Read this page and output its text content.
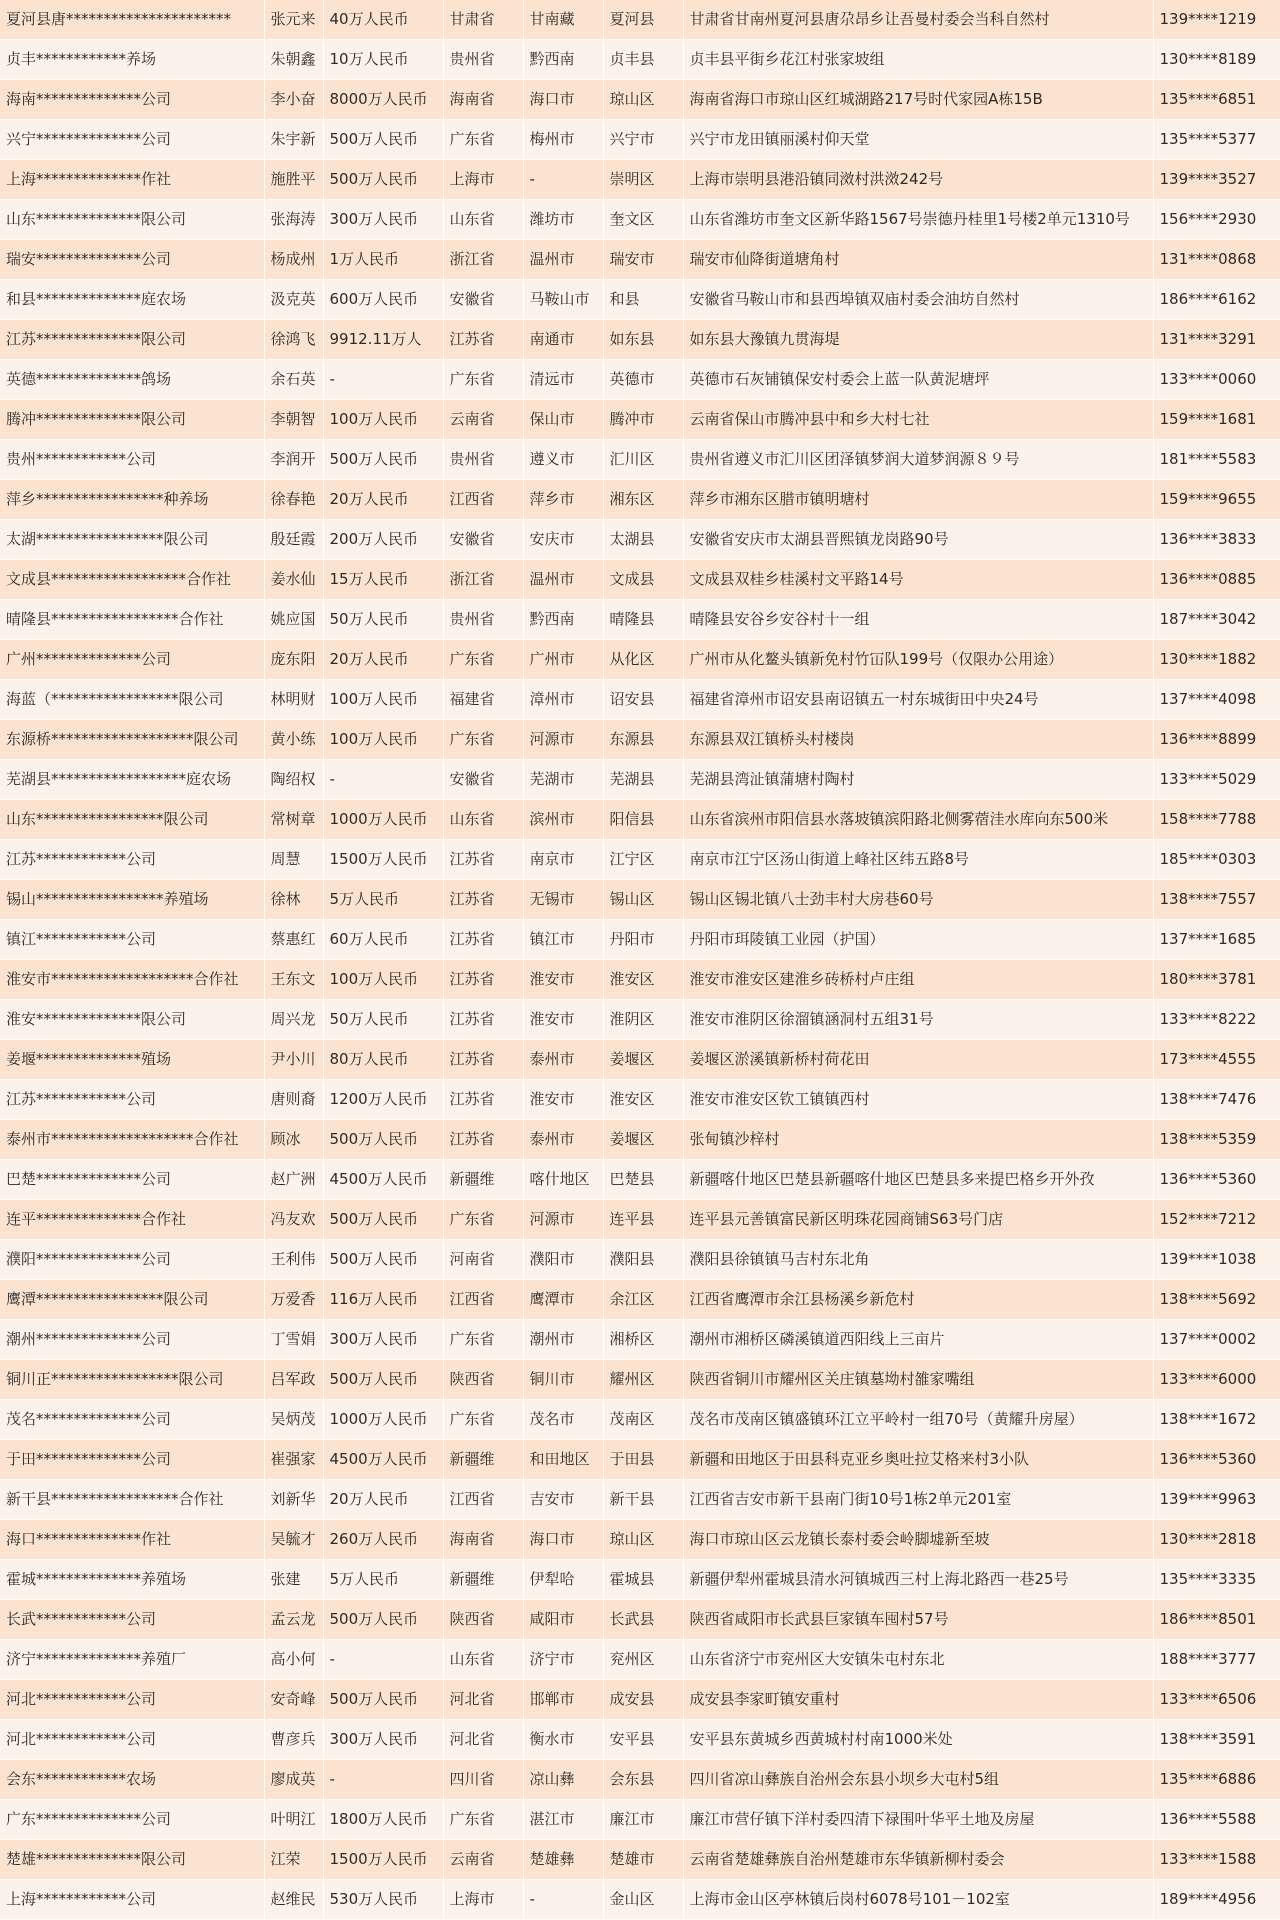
夏河县唐**********************	张元来	40万人民币	甘肃省	甘南藏	夏河县	甘肃省甘南州夏河县唐尕昂乡让吾曼村委会当科自然村	139****1219
贞丰************养场	朱朝鑫	10万人民币	贵州省	黔西南	贞丰县	贞丰县平街乡花江村张家坡组	130****8189
海南**************公司	李小奋	8000万人民币	海南省	海口市	琼山区	海南省海口市琼山区红城湖路217号时代家园A栋15B	135****6851
兴宁**************公司	朱宇新	500万人民币	广东省	梅州市	兴宁市	兴宁市龙田镇丽溪村仰天堂	135****5377
上海**************作社	施胜平	500万人民币	上海市	-	崇明区	上海市崇明县港沿镇同滧村洪滧242号	139****3527
山东**************限公司	张海涛	300万人民币	山东省	潍坊市	奎文区	山东省潍坊市奎文区新华路1567号崇德丹桂里1号楼2单元1310号	156****2930
瑞安**************公司	杨成州	1万人民币	浙江省	温州市	瑞安市	瑞安市仙降街道塘角村	131****0868
和县**************庭农场	汲克英	600万人民币	安徽省	马鞍山市	和县	安徽省马鞍山市和县西埠镇双庙村委会油坊自然村	186****6162
江苏**************限公司	徐鸿飞	9912.11万人	江苏省	南通市	如东县	如东县大豫镇九贯海堤	131****3291
英德**************鸽场	余石英	-	广东省	清远市	英德市	英德市石灰铺镇保安村委会上蓝一队黄泥塘坪	133****0060
腾冲**************限公司	李朝智	100万人民币	云南省	保山市	腾冲市	云南省保山市腾冲县中和乡大村七社	159****1681
贵州************公司	李润开	500万人民币	贵州省	遵义市	汇川区	贵州省遵义市汇川区团泽镇梦润大道梦润源８９号	181****5583
萍乡*****************种养场	徐春艳	20万人民币	江西省	萍乡市	湘东区	萍乡市湘东区腊市镇明塘村	159****9655
太湖*****************限公司	殷廷霞	200万人民币	安徽省	安庆市	太湖县	安徽省安庆市太湖县晋熙镇龙岗路90号	136****3833
文成县******************合作社	姜水仙	15万人民币	浙江省	温州市	文成县	文成县双桂乡桂溪村文平路14号	136****0885
晴隆县*****************合作社	姚应国	50万人民币	贵州省	黔西南	晴隆县	晴隆县安谷乡安谷村十一组	187****3042
广州**************公司	庞东阳	20万人民币	广东省	广州市	从化区	广州市从化鳌头镇新免村竹冚队199号（仅限办公用途）	130****1882
海蓝（*****************限公司	林明财	100万人民币	福建省	漳州市	诏安县	福建省漳州市诏安县南诏镇五一村东城街田中央24号	137****4098
东源桥*******************限公司	黄小练	100万人民币	广东省	河源市	东源县	东源县双江镇桥头村楼岗	136****8899
芜湖县******************庭农场	陶绍权	-	安徽省	芜湖市	芜湖县	芜湖县湾沚镇蒲塘村陶村	133****5029
山东*****************限公司	常树章	1000万人民币	山东省	滨州市	阳信县	山东省滨州市阳信县水落坡镇滨阳路北侧雾蓿洼水库向东500米	158****7788
江苏************公司	周慧	1500万人民币	江苏省	南京市	江宁区	南京市江宁区汤山街道上峰社区纬五路8号	185****0303
锡山*****************养殖场	徐林	5万人民币	江苏省	无锡市	锡山区	锡山区锡北镇八士劲丰村大房巷60号	138****7557
镇江************公司	蔡惠红	60万人民币	江苏省	镇江市	丹阳市	丹阳市珥陵镇工业园（护国）	137****1685
淮安市*******************合作社	王东文	100万人民币	江苏省	淮安市	淮安区	淮安市淮安区建淮乡砖桥村卢庄组	180****3781
淮安**************限公司	周兴龙	50万人民币	江苏省	淮安市	淮阴区	淮安市淮阴区徐溜镇涵洞村五组31号	133****8222
姜堰**************殖场	尹小川	80万人民币	江苏省	泰州市	姜堰区	姜堰区淤溪镇新桥村荷花田	173****4555
江苏************公司	唐则裔	1200万人民币	江苏省	淮安市	淮安区	淮安市淮安区钦工镇镇西村	138****7476
泰州市*******************合作社	顾冰	500万人民币	江苏省	泰州市	姜堰区	张甸镇沙梓村	138****5359
巴楚**************公司	赵广洲	4500万人民币	新疆维	喀什地区	巴楚县	新疆喀什地区巴楚县新疆喀什地区巴楚县多来提巴格乡开外孜	136****5360
连平**************合作社	冯友欢	500万人民币	广东省	河源市	连平县	连平县元善镇富民新区明珠花园商铺S63号门店	152****7212
濮阳**************公司	王利伟	500万人民币	河南省	濮阳市	濮阳县	濮阳县徐镇镇马吉村东北角	139****1038
鹰潭*****************限公司	万爱香	116万人民币	江西省	鹰潭市	余江区	江西省鹰潭市余江县杨溪乡新危村	138****5692
潮州**************公司	丁雪娟	300万人民币	广东省	潮州市	湘桥区	潮州市湘桥区磷溪镇道西阳线上三亩片	137****0002
铜川正*****************限公司	吕军政	500万人民币	陕西省	铜川市	耀州区	陕西省铜川市耀州区关庄镇墓坳村雒家嘴组	133****6000
茂名**************公司	吴炳茂	1000万人民币	广东省	茂名市	茂南区	茂名市茂南区镇盛镇环江立平岭村一组70号（黄耀升房屋）	138****1672
于田**************公司	崔强家	4500万人民币	新疆维	和田地区	于田县	新疆和田地区于田县科克亚乡奥吐拉艾格来村3小队	136****5360
新干县*****************合作社	刘新华	20万人民币	江西省	吉安市	新干县	江西省吉安市新干县南门街10号1栋2单元201室	139****9963
海口**************作社	吴毓才	260万人民币	海南省	海口市	琼山区	海口市琼山区云龙镇长泰村委会岭脚墟新至坡	130****2818
霍城**************养殖场	张建	5万人民币	新疆维	伊犁哈	霍城县	新疆伊犁州霍城县清水河镇城西三村上海北路西一巷25号	135****3335
长武************公司	孟云龙	500万人民币	陕西省	咸阳市	长武县	陕西省咸阳市长武县巨家镇车囤村57号	186****8501
济宁**************养殖厂	高小何	-	山东省	济宁市	兖州区	山东省济宁市兖州区大安镇朱屯村东北	188****3777
河北************公司	安奇峰	500万人民币	河北省	邯郸市	成安县	成安县李家町镇安重村	133****6506
河北************公司	曹彦兵	300万人民币	河北省	衡水市	安平县	安平县东黄城乡西黄城村村南1000米处	138****3591
会东************农场	廖成英	-	四川省	凉山彝	会东县	四川省凉山彝族自治州会东县小坝乡大屯村5组	135****6886
广东**************公司	叶明江	1800万人民币	广东省	湛江市	廉江市	廉江市营仔镇下洋村委四清下禄围叶华平土地及房屋	136****5588
楚雄**************限公司	江荣	1500万人民币	云南省	楚雄彝	楚雄市	云南省楚雄彝族自治州楚雄市东华镇新柳村委会	133****1588
上海************公司	赵维民	530万人民币	上海市	-	金山区	上海市金山区亭林镇后岗村6078号101－102室	189****4956
